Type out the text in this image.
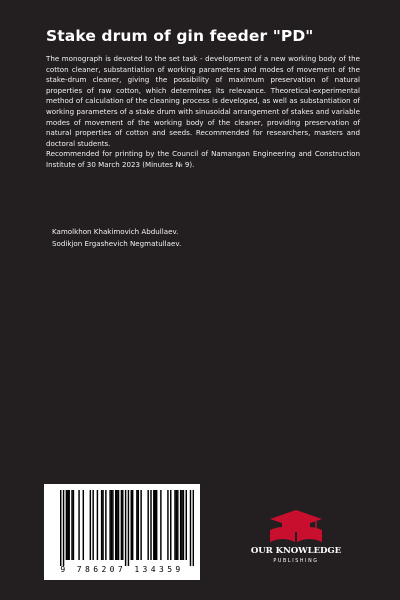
Stake drum of gin feeder "PD"

The monograph is devoted to the set task - development of a new working body of the cotton cleaner, substantiation of working parameters and modes of movement of the stake-drum cleaner, giving the possibility of maximum preservation of natural properties of raw cotton, which determines its relevance. Theoretical-experimental method of calculation of the cleaning process is developed, as well as substantiation of working parameters of a stake drum with sinusoidal arrangement of stakes and variable modes of movement of the working body of the cleaner, providing preservation of natural properties of cotton and seeds. Recommended for researchers, masters and doctoral students.

Recommended for printing by the Council of Namangan Engineering and Construction Institute of 30 March 2023 (Minutes № 9).

Kamolkhon Khakimovich Abdullaev.
Sodikjon Ergashevich Negmatullaev.
9 786207 134359
OUR KNOWLEDGE
PUBLISHING
